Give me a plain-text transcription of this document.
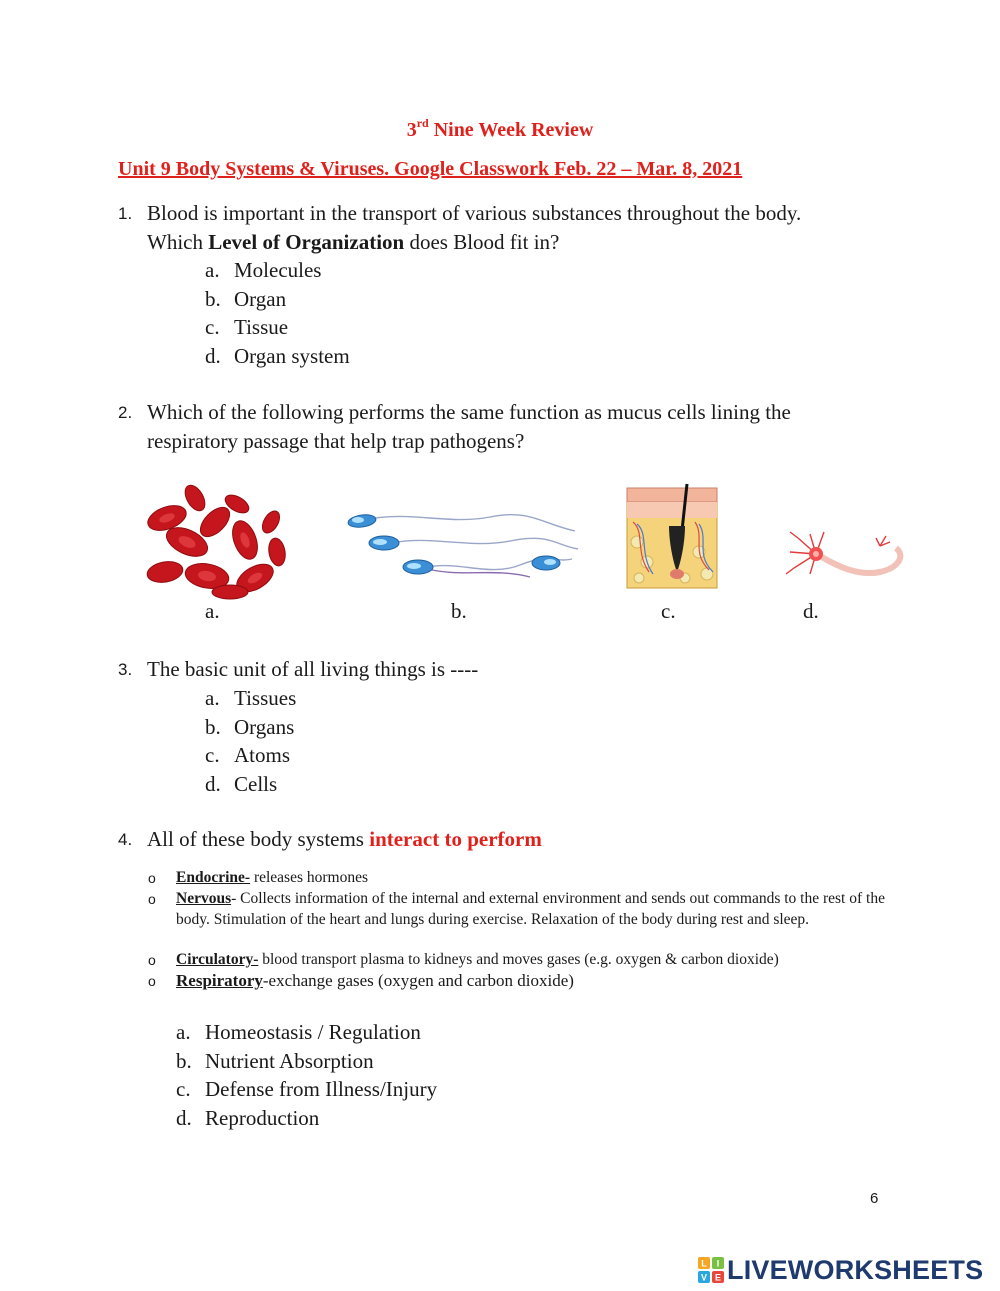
3rd Nine Week Review
Unit 9 Body Systems & Viruses. Google Classwork Feb. 22 – Mar. 8, 2021
1. Blood is important in the transport of various substances throughout the body.
Which Level of Organization does Blood fit in?
a. Molecules
b. Organ
c. Tissue
d. Organ system
2. Which of the following performs the same function as mucus cells lining the
respiratory passage that help trap pathogens?
a.	b.	c.	d.
3. The basic unit of all living things is ----
a. Tissues
b. Organs
c. Atoms
d. Cells
4. All of these body systems interact to perform
o Endocrine- releases hormones
o Nervous- Collects information of the internal and external environment and sends out commands to the rest of the body. Stimulation of the heart and lungs during exercise. Relaxation of the body during rest and sleep.
o Circulatory- blood transport plasma to kidneys and moves gases (e.g. oxygen & carbon dioxide)
o Respiratory-exchange gases (oxygen and carbon dioxide)
a. Homeostasis / Regulation
b. Nutrient Absorption
c. Defense from Illness/Injury
d. Reproduction
6
L I
V E LIVEWORKSHEETS
